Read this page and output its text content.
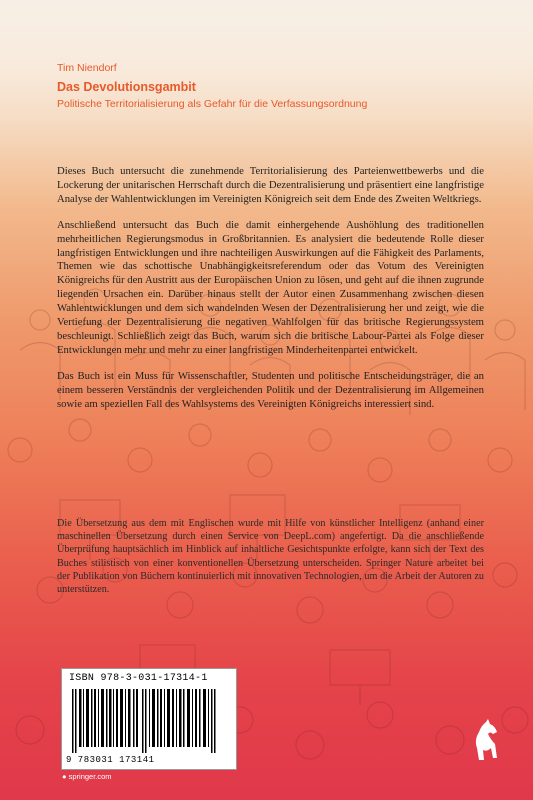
Tim Niendorf

Das Devolutionsgambit

Politische Territorialisierung als Gefahr für die Verfassungsordnung

Dieses Buch untersucht die zunehmende Territorialisierung des Parteienwettbewerbs und die Lockerung der unitarischen Herrschaft durch die Dezentralisierung und präsentiert eine langfristige Analyse der Wahlentwicklungen im Vereinigten Königreich seit dem Ende des Zweiten Weltkriegs.

Anschließend untersucht das Buch die damit einhergehende Aushöhlung des traditionellen mehrheitlichen Regierungsmodus in Großbritannien. Es analysiert die bedeutende Rolle dieser langfristigen Entwicklungen und ihre nachteiligen Auswirkungen auf die Fähigkeit des Parlaments, Themen wie das schottische Unabhängigkeitsreferendum oder das Votum des Vereinigten Königreichs für den Austritt aus der Europäischen Union zu lösen, und geht auf die ihnen zugrunde liegenden Ursachen ein. Darüber hinaus stellt der Autor einen Zusammenhang zwischen diesen Wahlentwicklungen und dem sich wandelnden Wesen der Dezentralisierung her und zeigt, wie die Vertiefung der Dezentralisierung die negativen Wahlfolgen für das britische Regierungssystem beschleunigt. Schließlich zeigt das Buch, warum sich die britische Labour-Partei als Folge dieser Entwicklungen mehr und mehr zu einer langfristigen Minderheitenpartei entwickelt.

Das Buch ist ein Muss für Wissenschaftler, Studenten und politische Entscheidungsträger, die an einem besseren Verständnis der vergleichenden Politik und der Dezentralisierung im Allgemeinen sowie am speziellen Fall des Wahlsystems des Vereinigten Königreichs interessiert sind.

Die Übersetzung aus dem mit Englischen wurde mit Hilfe von künstlicher Intelligenz (anhand einer maschinellen Übersetzung durch einen Service von DeepL.com) angefertigt. Da die anschließende Überprüfung hauptsächlich im Hinblick auf inhaltliche Gesichtspunkte erfolgte, kann sich der Text des Buches stilistisch von einer konventionellen Übersetzung unterscheiden. Springer Nature arbeitet bei der Publikation von Büchern kontinuierlich mit innovativen Technologien, um die Arbeit der Autoren zu unterstützen.

ISBN 978-3-031-17314-1
9 783031 173141
● springer.com
